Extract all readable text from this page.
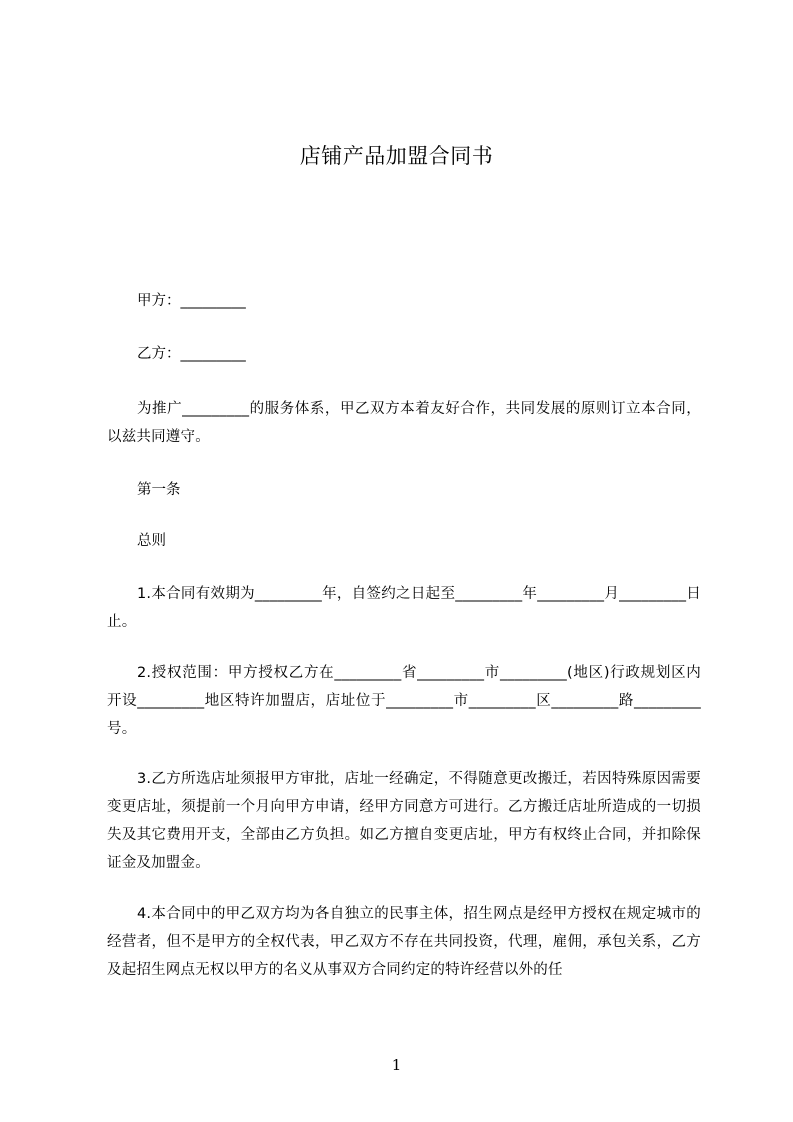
店铺产品加盟合同书
甲方：_________
乙方：_________
为推广_________的服务体系，甲乙双方本着友好合作，共同发展的原则订立本合同，以兹共同遵守。
第一条
总则
1.本合同有效期为_________年，自签约之日起至_________年_________月_________日止。
2.授权范围：甲方授权乙方在_________省_________市_________(地区)行政规划区内开设_________地区特许加盟店，店址位于_________市_________区_________路_________号。
3.乙方所选店址须报甲方审批，店址一经确定，不得随意更改搬迁，若因特殊原因需要变更店址，须提前一个月向甲方申请，经甲方同意方可进行。乙方搬迁店址所造成的一切损失及其它费用开支，全部由乙方负担。如乙方擅自变更店址，甲方有权终止合同，并扣除保证金及加盟金。
4.本合同中的甲乙双方均为各自独立的民事主体，招生网点是经甲方授权在规定城市的经营者，但不是甲方的全权代表，甲乙双方不存在共同投资，代理，雇佣，承包关系，乙方及起招生网点无权以甲方的名义从事双方合同约定的特许经营以外的任
1
